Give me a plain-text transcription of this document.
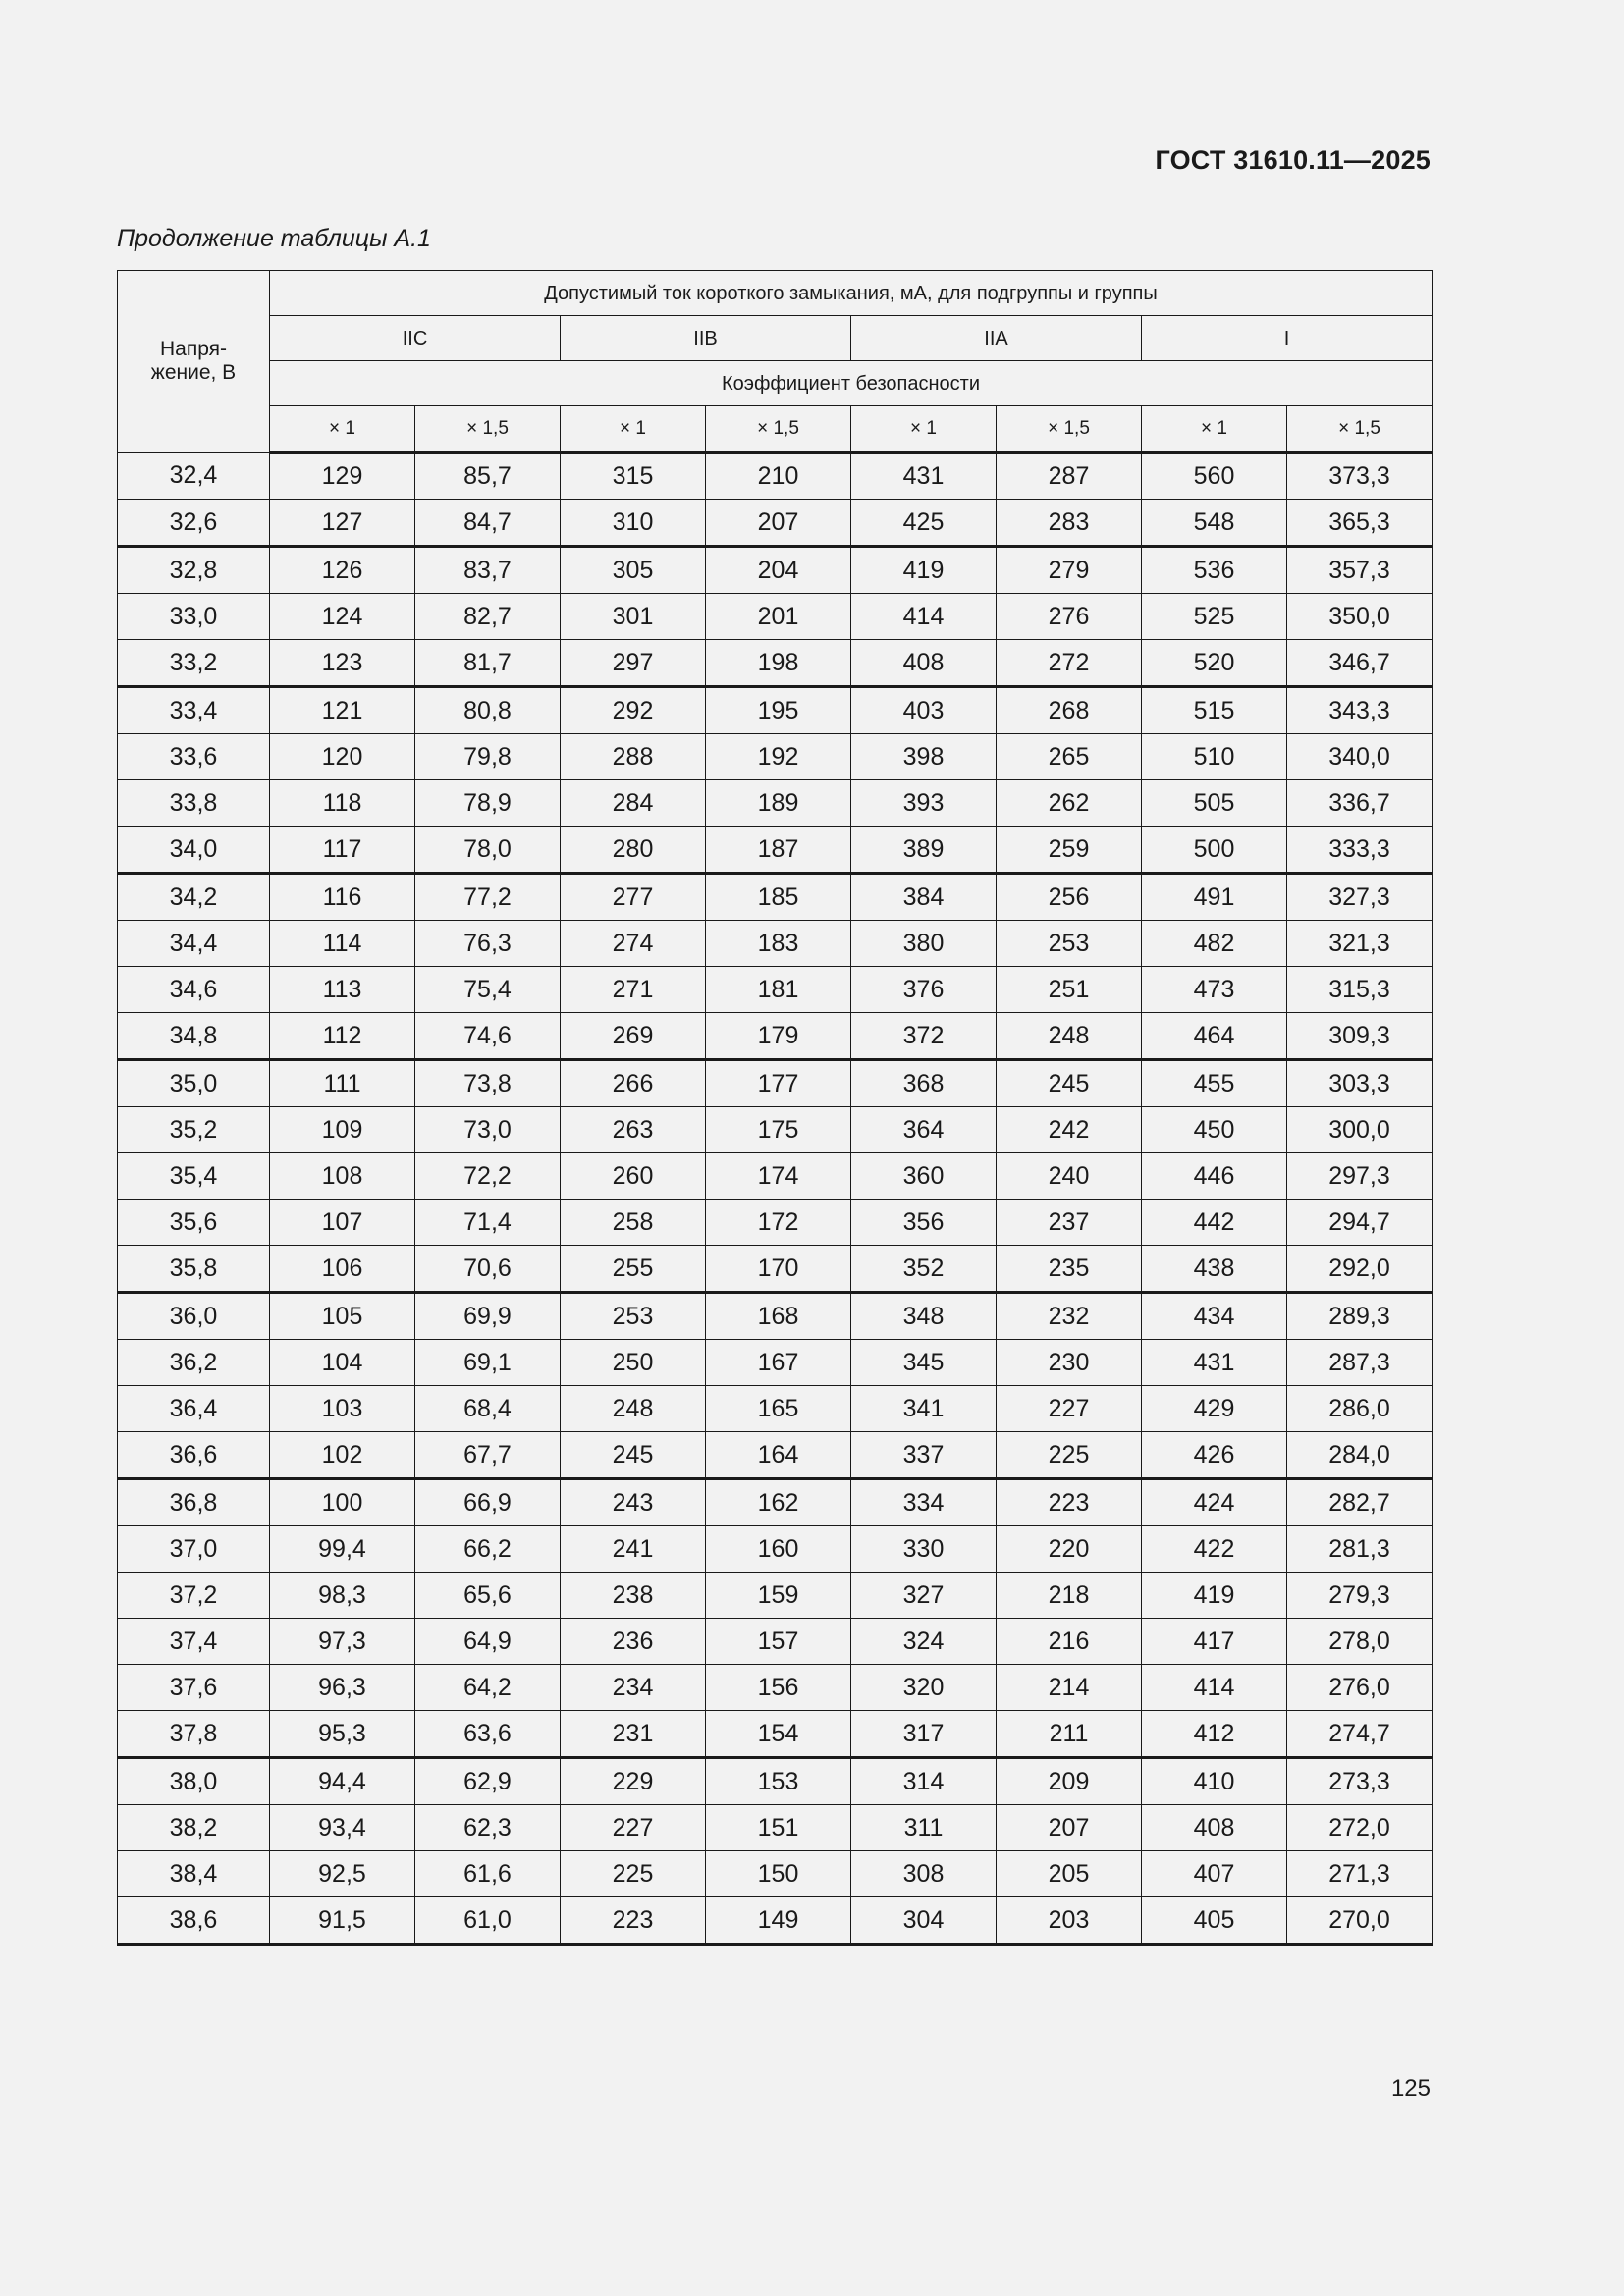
ГОСТ 31610.11—2025
Продолжение таблицы А.1
Напря-
жение, В	Допустимый ток короткого замыкания, мА, для подгруппы и группы							
	IIC		IIB		IIA		I	
	Коэффициент безопасности							
	× 1	× 1,5	× 1	× 1,5	× 1	× 1,5	× 1	× 1,5
32,4	129	85,7	315	210	431	287	560	373,3
32,6	127	84,7	310	207	425	283	548	365,3
32,8	126	83,7	305	204	419	279	536	357,3
33,0	124	82,7	301	201	414	276	525	350,0
33,2	123	81,7	297	198	408	272	520	346,7
33,4	121	80,8	292	195	403	268	515	343,3
33,6	120	79,8	288	192	398	265	510	340,0
33,8	118	78,9	284	189	393	262	505	336,7
34,0	117	78,0	280	187	389	259	500	333,3
34,2	116	77,2	277	185	384	256	491	327,3
34,4	114	76,3	274	183	380	253	482	321,3
34,6	113	75,4	271	181	376	251	473	315,3
34,8	112	74,6	269	179	372	248	464	309,3
35,0	111	73,8	266	177	368	245	455	303,3
35,2	109	73,0	263	175	364	242	450	300,0
35,4	108	72,2	260	174	360	240	446	297,3
35,6	107	71,4	258	172	356	237	442	294,7
35,8	106	70,6	255	170	352	235	438	292,0
36,0	105	69,9	253	168	348	232	434	289,3
36,2	104	69,1	250	167	345	230	431	287,3
36,4	103	68,4	248	165	341	227	429	286,0
36,6	102	67,7	245	164	337	225	426	284,0
36,8	100	66,9	243	162	334	223	424	282,7
37,0	99,4	66,2	241	160	330	220	422	281,3
37,2	98,3	65,6	238	159	327	218	419	279,3
37,4	97,3	64,9	236	157	324	216	417	278,0
37,6	96,3	64,2	234	156	320	214	414	276,0
37,8	95,3	63,6	231	154	317	211	412	274,7
38,0	94,4	62,9	229	153	314	209	410	273,3
38,2	93,4	62,3	227	151	311	207	408	272,0
38,4	92,5	61,6	225	150	308	205	407	271,3
38,6	91,5	61,0	223	149	304	203	405	270,0
125
